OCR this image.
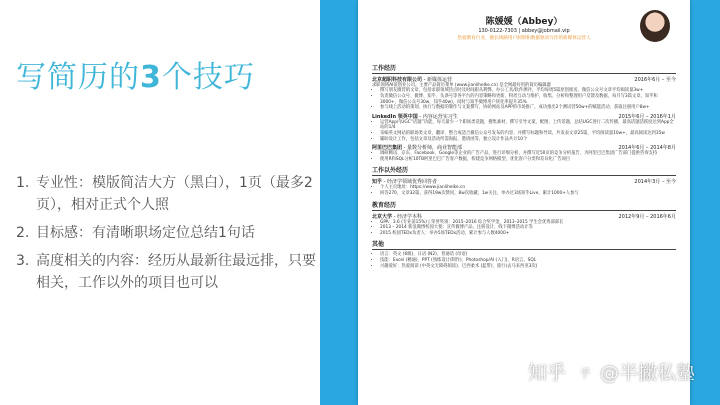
写简历的3个技巧
1. 专业性：模版简洁大方（黑白），1页（最多2页），相对正式个人照
2. 目标感：有清晰职场定位总结1句话
3. 高度相关的内容：经历从最新往最远排，只要相关，工作以外的项目也可以
陈媛媛（Abbey）
130-0122-7303 | abbey@jobmail.vip
热爱教育行业，擅长线路用户洞察和数据驱动写作的新媒体运营人
工作经历
北京超职科技有限公司 - 新媒体运营	2016年6月 – 至今
求职领域AI前创业公司。主要产品简历菜单 (www.jianlihelke.cn) 是全网最好用的简历编辑器
• 撰写朋友圈营销文章，包括求职领域热点时及时间跟从利弊、办公工具/软件测评，平均每周5篇原创推送，微信公众号文章平均阅读量3w+
• 负责微信公众号、微博、知乎、头条号等各平台的内容策略和更新，粉丝互动与维护，收集、分析和整理用户反馈及数据，每月写3篇文章，知乎和3000+，微信公众号30w，知乎40w)，同时与知乎微博用户转化率提升35%
• 参与线上活动的策划、执行与数据的制作与文案撰写，协助网站及APP的市场推广，成功推出2个测试营50w+的赋能活动，获取注册用户8w+
LinkedIn 领英中国 - 内容运营实习生	2015年6月 – 2016年1月
• 运营App内UGC“话题”功能，每天最少一个职场类话题，搜集素材、撰写引导文案、配图、上传话题，总结UGC进行二次传播，最高话题活跃度达到App全站的1/4
• 采编英文网站的职场类文章，翻译、整合成适合微信公众号发布的内容，并撰写标题和导读，共发表文章25篇，平均阅读量10w+，最高阅读达到35w
• 辅助设计工作，包括文章及活动所需海报、邀请函等，独立设计作品共计10个
阿里巴巴集团 - 量数分析师，商业智能部	2014年6月 – 2014年8月
• 调研腾讯、京东、Facebook、Google等企业的广告产品，进行详细分析，并撰写近50页的竞争分析报告，为阿里巴巴集团广告部门提供咨询支持
• 使用R和SQL分析10TB阿里巴巴广告客户数据，构建竞争网络模型，优化客户分类和差异化广告项目
工作以外经历
知乎 - 经济学领域优秀回答者	2014年3月 – 至今
• 个人主页地址：https://www.jianlihelke.cn
• 回答270，文章32篇，获得19w次赞同，8w次收藏，1w关注，单办过3场知乎Live，累计1000+人参与
教育经历
北京大学 - 经济学本科	2012年9月 – 2016年6月
• GPA：3.6 (专业前15%) | 荣誉奖项：2015–2016 综合奖学金，2013–2015 学生会优秀部部长
• 2013 – 2014 新浪微博校园大使：宣传微博产品，注册设计，线下微博活动计等
• 2015 校园TEDx负责人：举办5场TEDx活动，累计参与人数4000+
其他
• 语言：英文 (6级)、日语 (N2)、普通话 (母语)
• 技能：Excel (精通)、PPT (熟练设计/制作)、Photoshop/AI (入门)、R语言、SQL
• 兴趣爱好：热爱阅读 (中英文无障碍阅读)、巴西柔术 (蓝带)、旅行(去马来西亚3次)
知乎 乎 @半撇私塾
